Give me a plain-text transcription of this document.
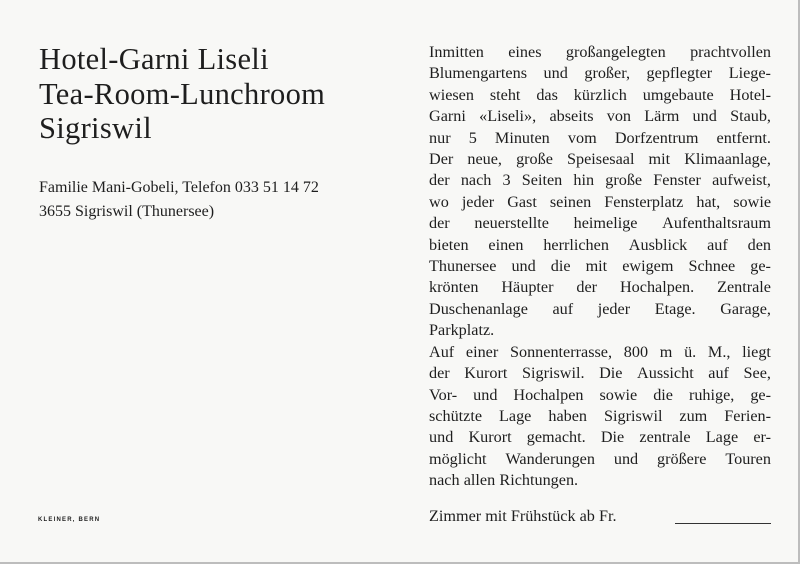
Hotel-Garni Liseli
Tea-Room-Lunchroom
Sigriswil
Familie Mani-Gobeli, Telefon 033 51 14 72
3655 Sigriswil (Thunersee)
KLEINER, BERN
Inmitten eines großangelegten prachtvollen
Blumengartens und großer, gepflegter Liege-
wiesen steht das kürzlich umgebaute Hotel-
Garni «Liseli», abseits von Lärm und Staub,
nur 5 Minuten vom Dorfzentrum entfernt.
Der neue, große Speisesaal mit Klimaanlage,
der nach 3 Seiten hin große Fenster aufweist,
wo jeder Gast seinen Fensterplatz hat, sowie
der neuerstellte heimelige Aufenthaltsraum
bieten einen herrlichen Ausblick auf den
Thunersee und die mit ewigem Schnee ge-
krönten Häupter der Hochalpen. Zentrale
Duschenanlage auf jeder Etage. Garage,
Parkplatz.
Auf einer Sonnenterrasse, 800 m ü. M., liegt
der Kurort Sigriswil. Die Aussicht auf See,
Vor- und Hochalpen sowie die ruhige, ge-
schützte Lage haben Sigriswil zum Ferien-
und Kurort gemacht. Die zentrale Lage er-
möglicht Wanderungen und größere Touren
nach allen Richtungen.
Zimmer mit Frühstück ab Fr.
